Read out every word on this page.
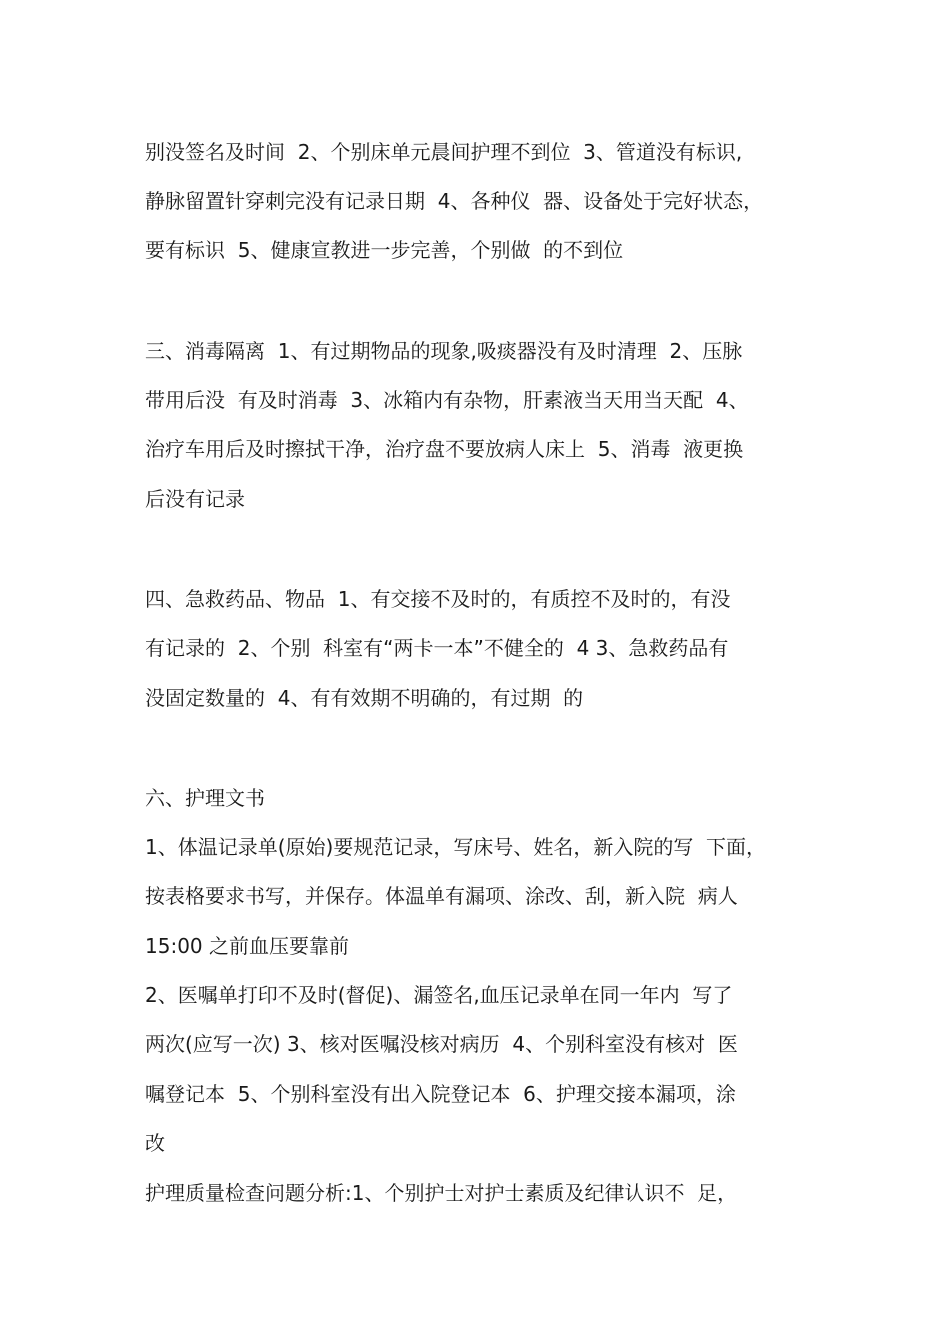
别没签名及时间  2、个别床单元晨间护理不到位  3、管道没有标识,
静脉留置针穿刺完没有记录日期  4、各种仪  器、设备处于完好状态，
要有标识  5、健康宣教进一步完善，个别做  的不到位
三、消毒隔离  1、有过期物品的现象,吸痰器没有及时清理  2、压脉
带用后没  有及时消毒  3、冰箱内有杂物，肝素液当天用当天配  4、
治疗车用后及时擦拭干净，治疗盘不要放病人床上  5、消毒  液更换
后没有记录
四、急救药品、物品  1、有交接不及时的，有质控不及时的，有没
有记录的  2、个别  科室有“两卡一本”不健全的  4 3、急救药品有
没固定数量的  4、有有效期不明确的，有过期  的
六、护理文书
1、体温记录单(原始)要规范记录，写床号、姓名，新入院的写  下面，
按表格要求书写，并保存。体温单有漏项、涂改、刮，新入院  病人
15:00 之前血压要靠前
2、医嘱单打印不及时(督促)、漏签名,血压记录单在同一年内  写了
两次(应写一次) 3、核对医嘱没核对病历  4、个别科室没有核对  医
嘱登记本  5、个别科室没有出入院登记本  6、护理交接本漏项，涂
改
护理质量检查问题分析:1、个别护士对护士素质及纪律认识不  足，
